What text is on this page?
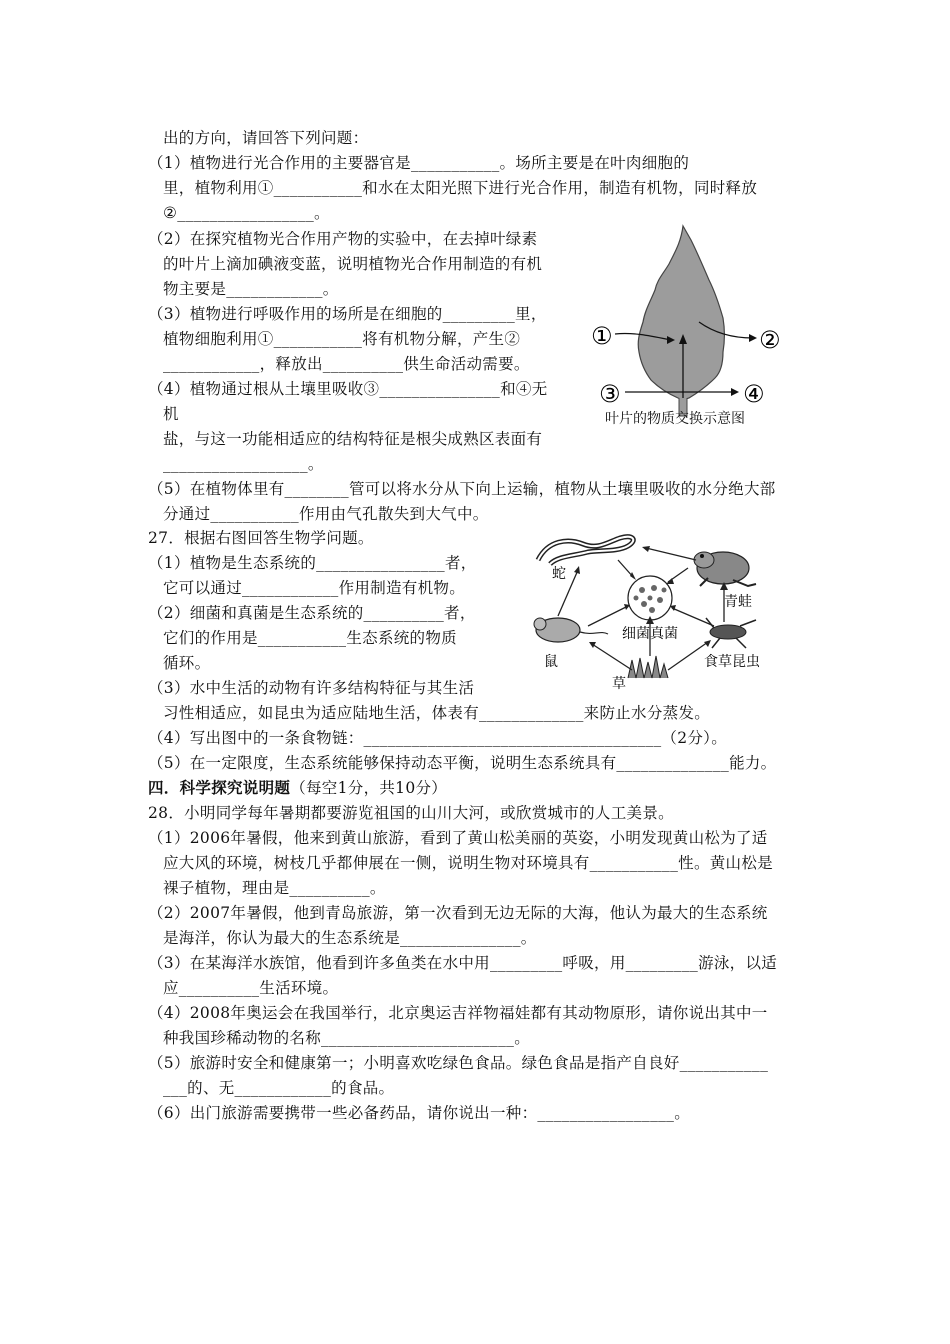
出的方向，请回答下列问题：
（1）植物进行光合作用的主要器官是___________。场所主要是在叶肉细胞的
里，植物利用①___________和水在太阳光照下进行光合作用，制造有机物，同时释放
②_________________。
（2）在探究植物光合作用产物的实验中，在去掉叶绿素
的叶片上滴加碘液变蓝，说明植物光合作用制造的有机
物主要是____________。
（3）植物进行呼吸作用的场所是在细胞的_________里，
植物细胞利用①___________将有机物分解，产生②
____________，释放出__________供生命活动需要。
（4）植物通过根从土壤里吸收③_______________和④无
机
盐，与这一功能相适应的结构特征是根尖成熟区表面有
__________________。
（5）在植物体里有________管可以将水分从下向上运输，植物从土壤里吸收的水分绝大部
分通过___________作用由气孔散失到大气中。
①	②
③	④
叶片的物质交换示意图
27．根据右图回答生物学问题。
（1）植物是生态系统的________________者，
它可以通过____________作用制造有机物。
（2）细菌和真菌是生态系统的__________者，
它们的作用是___________生态系统的物质
循环。
（3）水中生活的动物有许多结构特征与其生活
习性相适应，如昆虫为适应陆地生活，体表有_____________来防止水分蒸发。
（4）写出图中的一条食物链：_____________________________________（2分）。
（5）在一定限度，生态系统能够保持动态平衡，说明生态系统具有______________能力。
蛇
青蛙
细菌真菌
鼠	食草昆虫
草
四．科学探究说明题（每空1分，共10分）
28．小明同学每年暑期都要游览祖国的山川大河，或欣赏城市的人工美景。
（1）2006年暑假，他来到黄山旅游，看到了黄山松美丽的英姿，小明发现黄山松为了适
应大风的环境，树枝几乎都伸展在一侧，说明生物对环境具有___________性。黄山松是
裸子植物，理由是__________。
（2）2007年暑假，他到青岛旅游，第一次看到无边无际的大海，他认为最大的生态系统
是海洋，你认为最大的生态系统是_______________。
（3）在某海洋水族馆，他看到许多鱼类在水中用_________呼吸，用_________游泳，以适
应__________生活环境。
（4）2008年奥运会在我国举行，北京奥运吉祥物福娃都有其动物原形，请你说出其中一
种我国珍稀动物的名称________________________。
（5）旅游时安全和健康第一；小明喜欢吃绿色食品。绿色食品是指产自良好___________
___的、无____________的食品。
（6）出门旅游需要携带一些必备药品，请你说出一种：_________________。
